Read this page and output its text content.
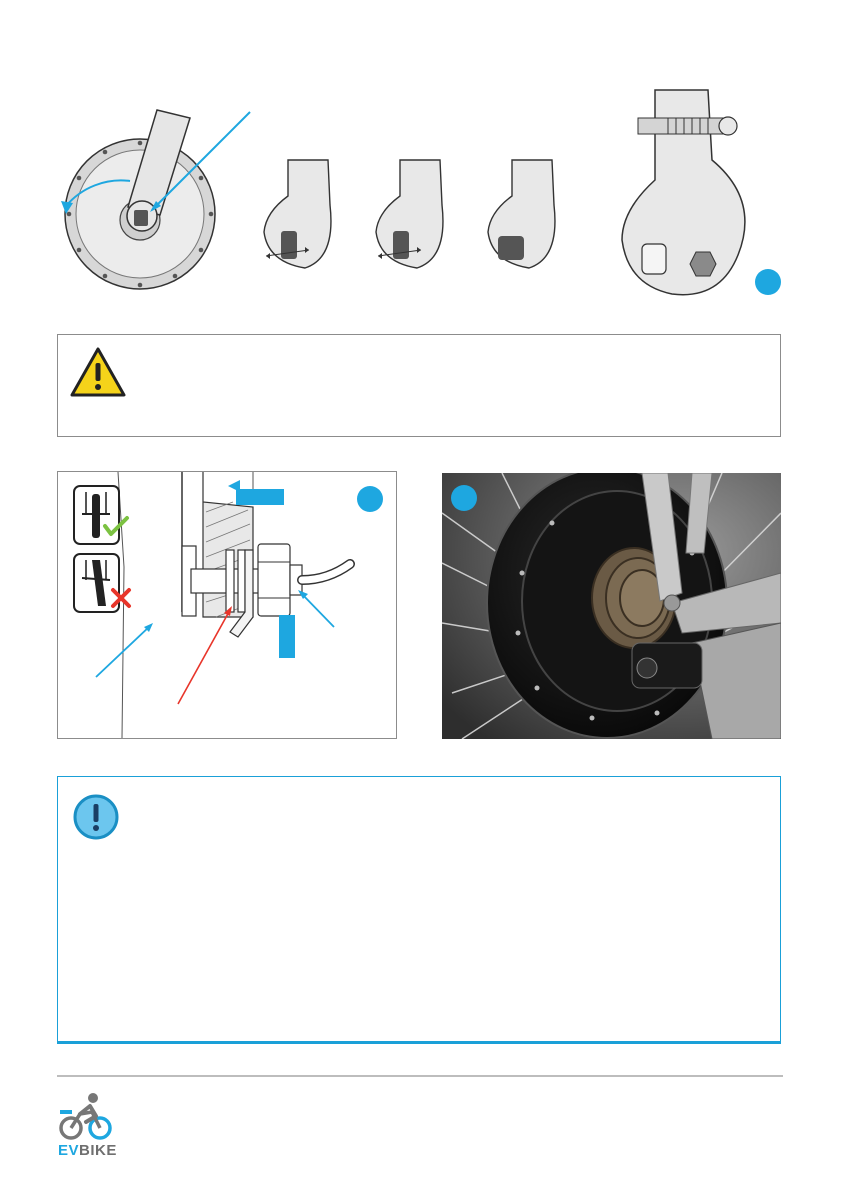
EVBIKE
